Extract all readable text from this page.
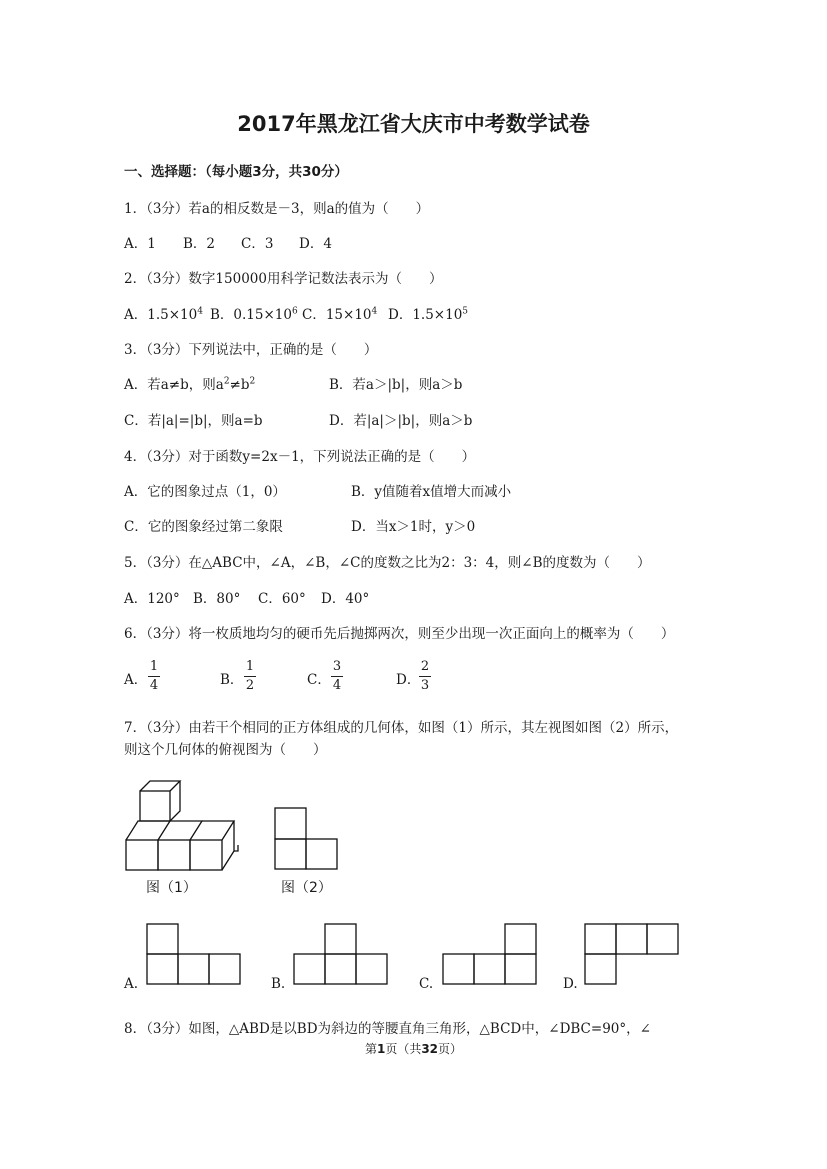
2017年黑龙江省大庆市中考数学试卷
一、选择题：（每小题3分，共30分）
1．（3分）若a的相反数是－3，则a的值为（　　）
A．1 B．2 C．3 D．4
2．（3分）数字150000用科学记数法表示为（　　）
A．$1.5\times 10^4$ B．$0.15\times 10^6$ C．$15\times 10^4$ D．$1.5\times 10^5$
3．（3分）下列说法中，正确的是（　　）
A．若a≠b，则$a^2\ne b^2$	B．若a＞|b|，则a＞b
C．若|a|=|b|，则a=b	D．若|a|＞|b|，则a＞b
4．（3分）对于函数y=2x－1，下列说法正确的是（　　）
A．它的图象过点（1，0）	B．y值随着x值增大而减小
C．它的图象经过第二象限	D．当x＞1时，y＞0
5．（3分）在△ABC中，∠A，∠B，∠C的度数之比为2：3：4，则∠B的度数为（　　）
A．120° B．80° C．60° D．40°
6．（3分）将一枚质地均匀的硬币先后抛掷两次，则至少出现一次正面向上的概率为（　　）
A．
1
4	B．
1
2	C．
3
4	D．
2
3
7．（3分）由若干个相同的正方体组成的几何体，如图（1）所示，其左视图如图（2）所示，
则这个几何体的俯视图为（　　）
图（1）	图（2）
A.	B.	C.	D.
8．（3分）如图，△ABD是以BD为斜边的等腰直角三角形，△BCD中，∠DBC=90°，∠
第1页（共32页）
